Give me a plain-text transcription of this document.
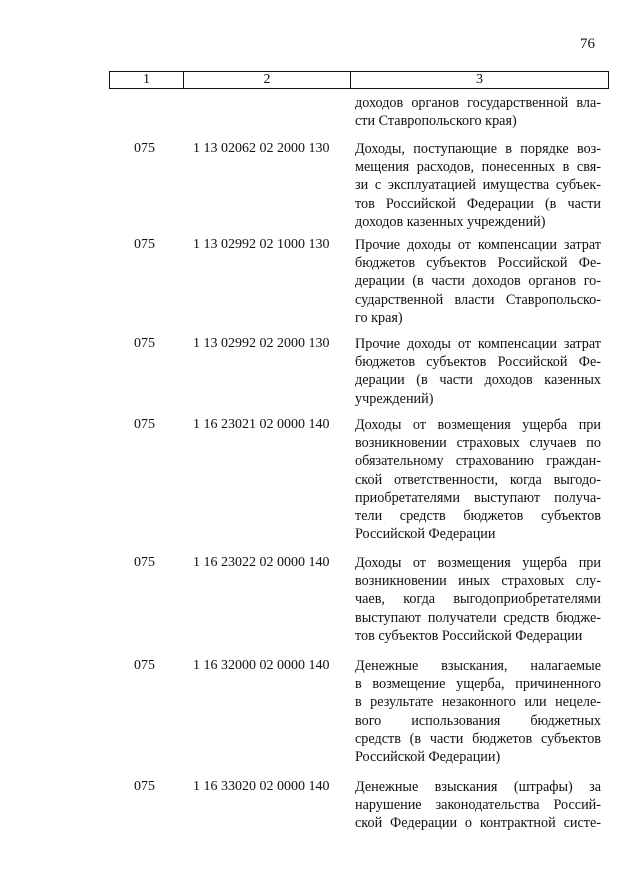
76
1	2	3
доходов органов государственной вла-
сти Ставропольского края)
075	1 13 02062 02 2000 130	Доходы, поступающие в порядке воз-
мещения расходов, понесенных в свя-
зи с эксплуатацией имущества субъек-
тов Российской Федерации (в части
доходов казенных учреждений)
075	1 13 02992 02 1000 130	Прочие доходы от компенсации затрат
бюджетов субъектов Российской Фе-
дерации (в части доходов органов го-
сударственной власти Ставропольско-
го края)
075	1 13 02992 02 2000 130	Прочие доходы от компенсации затрат
бюджетов субъектов Российской Фе-
дерации (в части доходов казенных
учреждений)
075	1 16 23021 02 0000 140	Доходы от возмещения ущерба при
возникновении страховых случаев по
обязательному страхованию граждан-
ской ответственности, когда выгодо-
приобретателями выступают получа-
тели средств бюджетов субъектов
Российской Федерации
075	1 16 23022 02 0000 140	Доходы от возмещения ущерба при
возникновении иных страховых слу-
чаев, когда выгодоприобретателями
выступают получатели средств бюдже-
тов субъектов Российской Федерации
075	1 16 32000 02 0000 140	Денежные взыскания, налагаемые
в возмещение ущерба, причиненного
в результате незаконного или нецеле-
вого использования бюджетных
средств (в части бюджетов субъектов
Российской Федерации)
075	1 16 33020 02 0000 140	Денежные взыскания (штрафы) за
нарушение законодательства Россий-
ской Федерации о контрактной систе-
